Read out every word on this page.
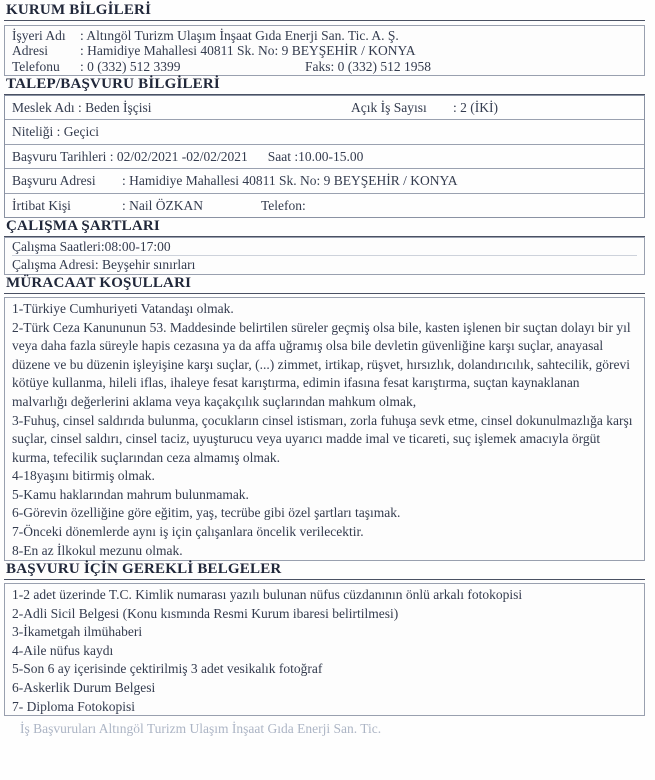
KURUM BİLGİLERİ
İşyeri Adı : Altıngöl Turizm Ulaşım İnşaat Gıda Enerji San. Tic. A. Ş.
Adresi : Hamidiye Mahallesi 40811 Sk. No: 9 BEYŞEHİR / KONYA
Telefonu : 0 (332) 512 3399	Faks: 0 (332) 512 1958
TALEP/BAŞVURU BİLGİLERİ
Meslek Adı : Beden İşçisi	Açık İş Sayısı : 2 (İKİ)
Niteliği : Geçici
Başvuru Tarihleri : 02/02/2021 -02/02/2021 Saat :10.00-15.00
Başvuru Adresi : Hamidiye Mahallesi 40811 Sk. No: 9 BEYŞEHİR / KONYA
İrtibat Kişi	: Nail ÖZKAN	Telefon:
ÇALIŞMA ŞARTLARI
Çalışma Saatleri:08:00-17:00
Çalışma Adresi: Beyşehir sınırları
MÜRACAAT KOŞULLARI

1-Türkiye Cumhuriyeti Vatandaşı olmak.

2-Türk Ceza Kanununun 53. Maddesinde belirtilen süreler geçmiş olsa bile, kasten işlenen bir suçtan dolayı bir yıl veya daha fazla süreyle hapis cezasına ya da affa uğramış olsa bile devletin güvenliğine karşı suçlar, anayasal düzene ve bu düzenin işleyişine karşı suçlar, (...) zimmet, irtikap, rüşvet, hırsızlık, dolandırıcılık, sahtecilik, görevi kötüye kullanma, hileli iflas, ihaleye fesat karıştırma, edimin ifasına fesat karıştırma, suçtan kaynaklanan malvarlığı değerlerini aklama veya kaçakçılık suçlarından mahkum olmak,

3-Fuhuş, cinsel saldırıda bulunma, çocukların cinsel istismarı, zorla fuhuşa sevk etme, cinsel dokunulmazlığa karşı suçlar, cinsel saldırı, cinsel taciz, uyuşturucu veya uyarıcı madde imal ve ticareti, suç işlemek amacıyla örgüt kurma, tefecilik suçlarından ceza almamış olmak.

4-18yaşını bitirmiş olmak.

5-Kamu haklarından mahrum bulunmamak.

6-Görevin özelliğine göre eğitim, yaş, tecrübe gibi özel şartları taşımak.

7-Önceki dönemlerde aynı iş için çalışanlara öncelik verilecektir.

8-En az İlkokul mezunu olmak.

BAŞVURU İÇİN GEREKLİ BELGELER

1-2 adet üzerinde T.C. Kimlik numarası yazılı bulunan nüfus cüzdanının önlü arkalı fotokopisi

2-Adli Sicil Belgesi (Konu kısmında Resmi Kurum ibaresi belirtilmesi)

3-İkametgah ilmühaberi

4-Aile nüfus kaydı

5-Son 6 ay içerisinde çektirilmiş 3 adet vesikalık fotoğraf

6-Askerlik Durum Belgesi

7- Diploma Fotokopisi

İş Başvuruları Altıngöl Turizm Ulaşım İnşaat Gıda Enerji San. Tic.
